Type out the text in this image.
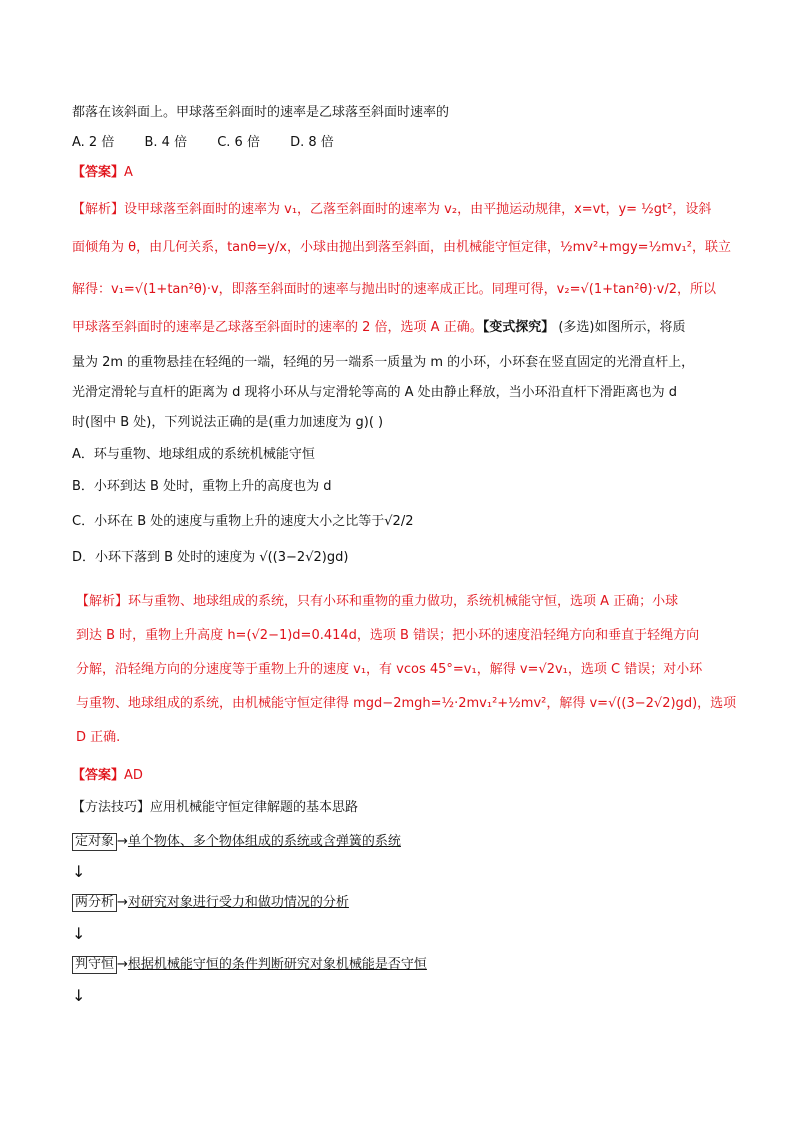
都落在该斜面上。甲球落至斜面时的速率是乙球落至斜面时速率的
A. 2 倍 B. 4 倍 C. 6 倍 D. 8 倍
【答案】A
【解析】设甲球落至斜面时的速率为 v₁，乙落至斜面时的速率为 v₂，由平抛运动规律，x=vt，y= ½gt²，设斜
面倾角为 θ，由几何关系，tanθ=y/x，小球由抛出到落至斜面，由机械能守恒定律，½mv²+mgy=½mv₁²，联立
解得：v₁=√(1+tan²θ)·v，即落至斜面时的速率与抛出时的速率成正比。同理可得，v₂=√(1+tan²θ)·v/2，所以
甲球落至斜面时的速率是乙球落至斜面时的速率的 2 倍，选项 A 正确。【变式探究】 (多选)如图所示，将质
量为 2m 的重物悬挂在轻绳的一端，轻绳的另一端系一质量为 m 的小环，小环套在竖直固定的光滑直杆上，
光滑定滑轮与直杆的距离为 d 现将小环从与定滑轮等高的 A 处由静止释放，当小环沿直杆下滑距离也为 d
时(图中 B 处)，下列说法正确的是(重力加速度为 g)( )
A．环与重物、地球组成的系统机械能守恒
B．小环到达 B 处时，重物上升的高度也为 d
C．小环在 B 处的速度与重物上升的速度大小之比等于√2/2
D．小环下落到 B 处时的速度为 √((3−2√2)gd)
【解析】环与重物、地球组成的系统，只有小环和重物的重力做功，系统机械能守恒，选项 A 正确；小球
到达 B 时，重物上升高度 h=(√2−1)d=0.414d，选项 B 错误；把小环的速度沿轻绳方向和垂直于轻绳方向
分解，沿轻绳方向的分速度等于重物上升的速度 v₁，有 vcos 45°=v₁，解得 v=√2v₁，选项 C 错误；对小环
与重物、地球组成的系统，由机械能守恒定律得 mgd−2mgh=½·2mv₁²+½mv²，解得 v=√((3−2√2)gd)，选项
D 正确.
【答案】AD
【方法技巧】应用机械能守恒定律解题的基本思路
定对象 →单个物体、多个物体组成的系统或含弹簧的系统
↓
两分析 →对研究对象进行受力和做功情况的分析
↓
判守恒 →根据机械能守恒的条件判断研究对象机械能是否守恒
↓
